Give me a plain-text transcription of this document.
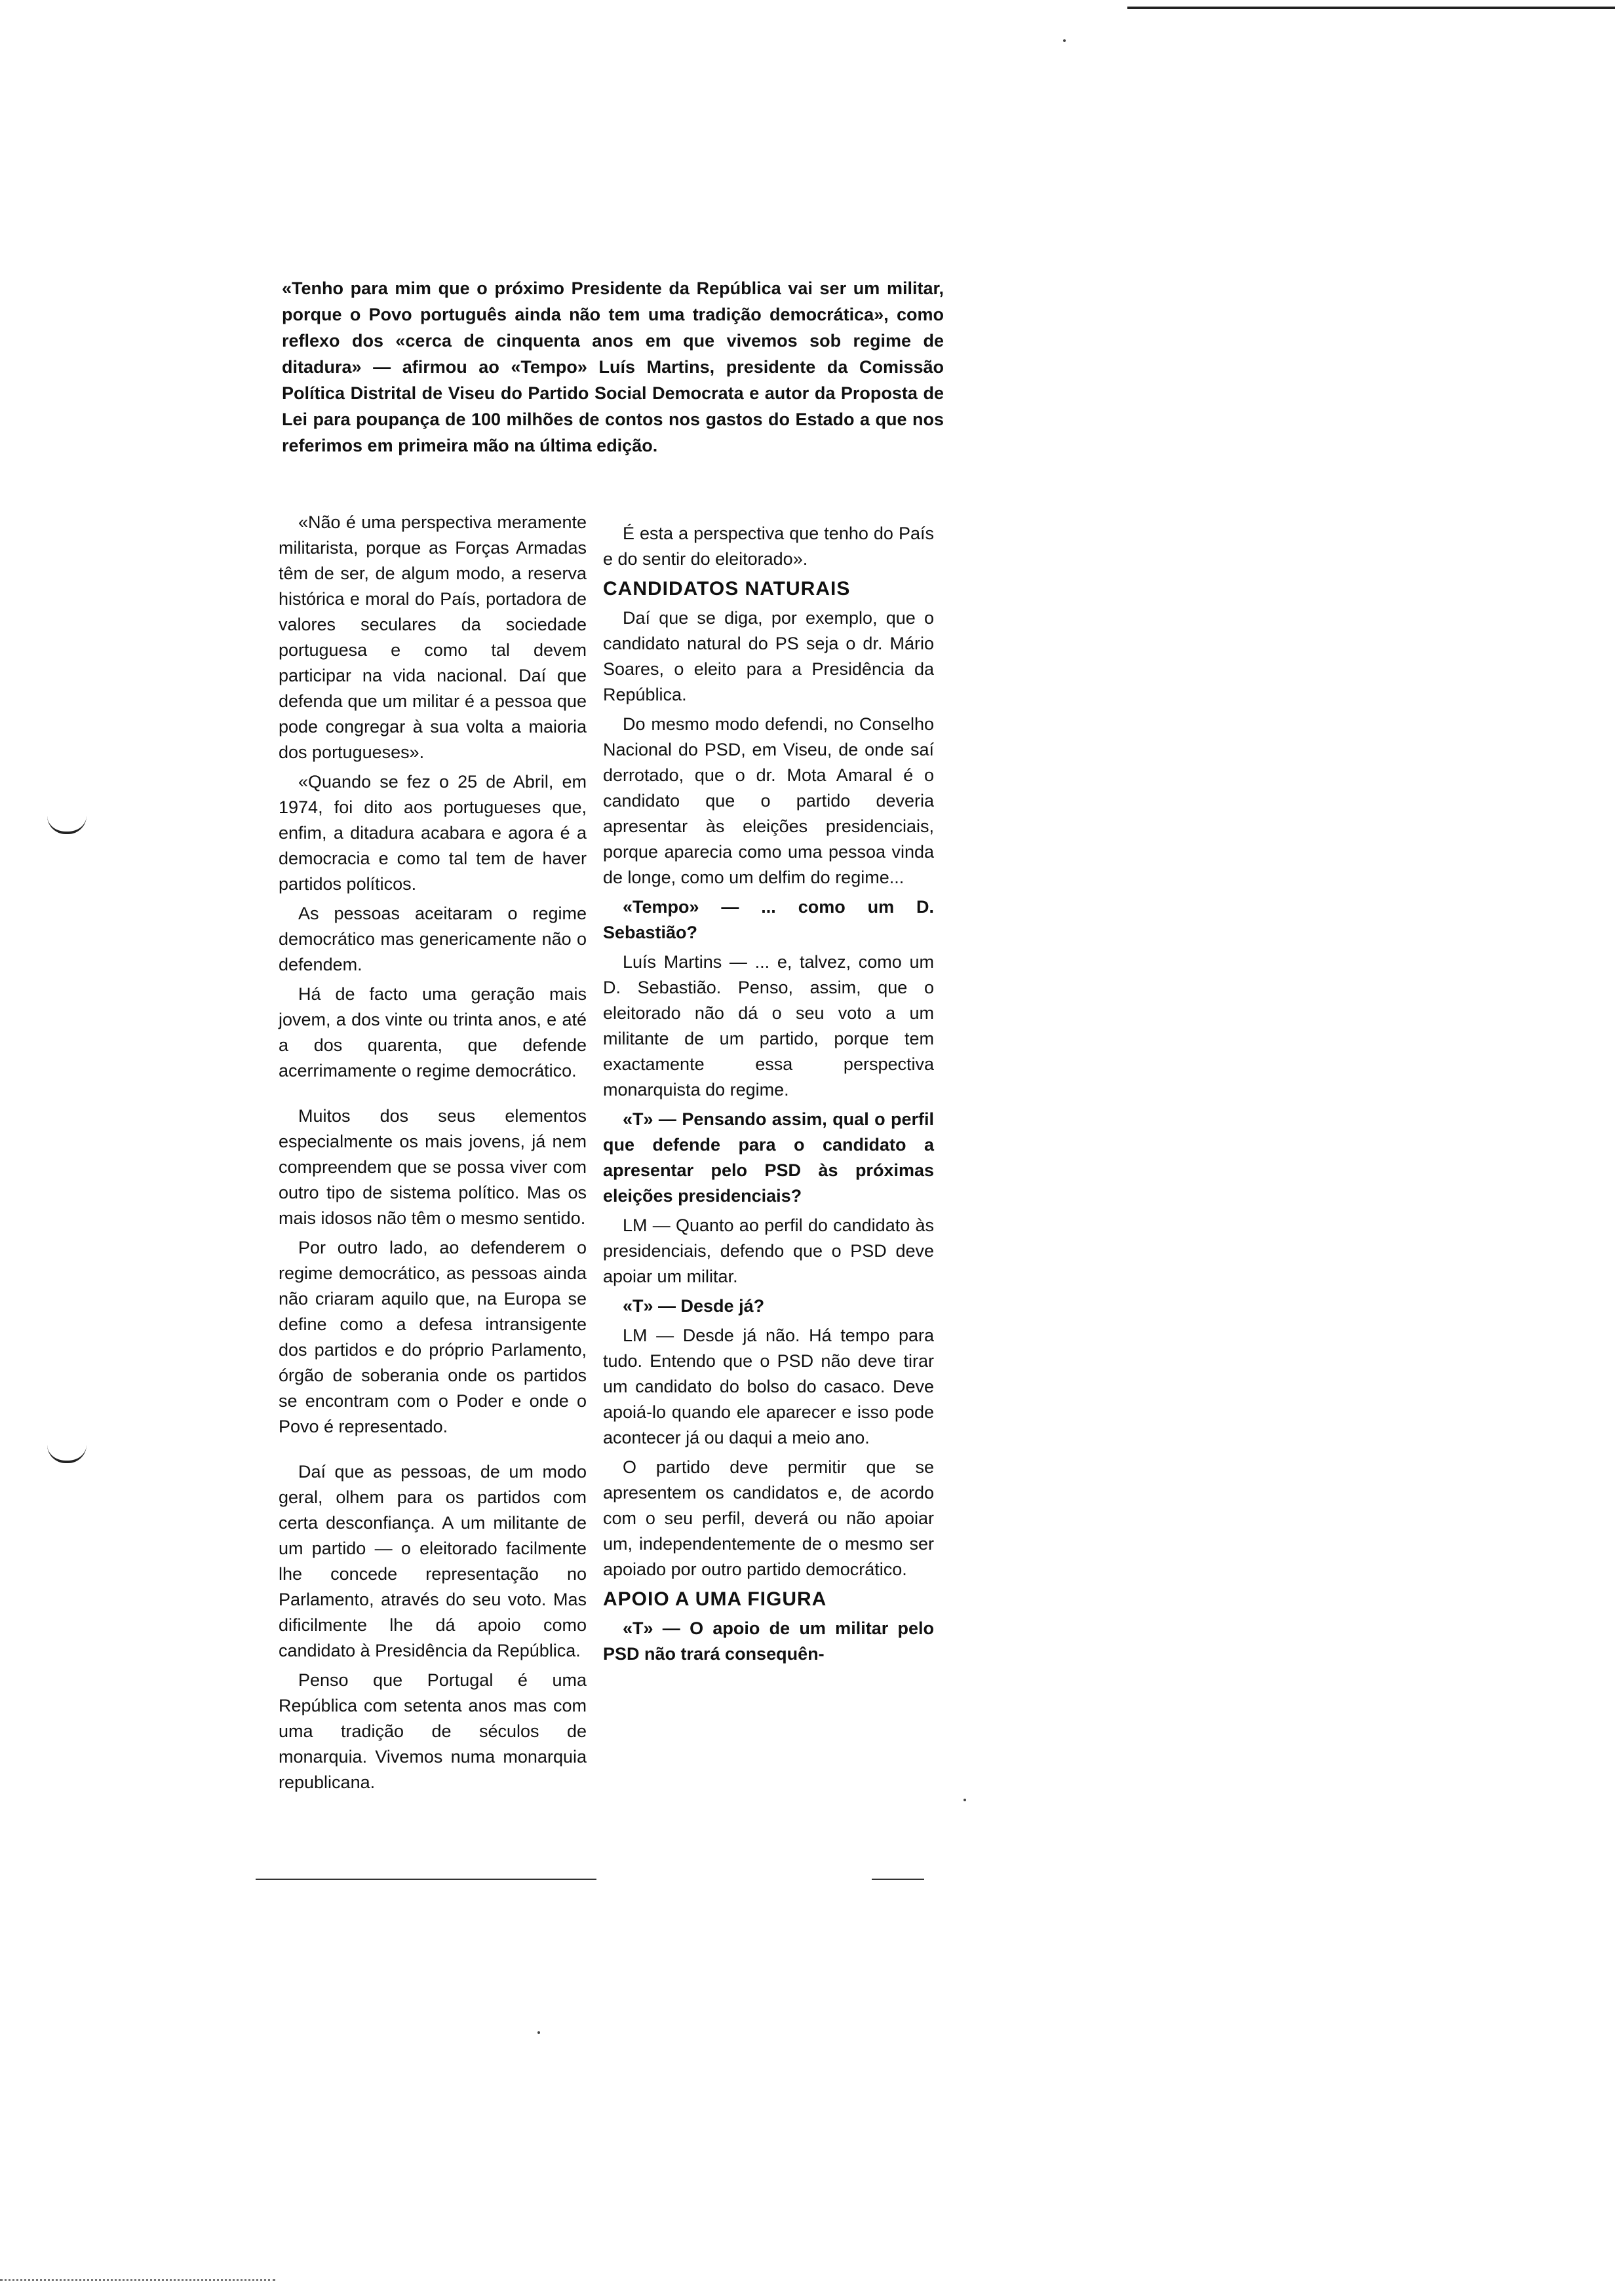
«Tenho para mim que o próximo Presidente da República vai ser um militar, porque o Povo português ainda não tem uma tradição democrática», como reflexo dos «cerca de cinquenta anos em que vivemos sob regime de ditadura» — afirmou ao «Tempo» Luís Martins, presidente da Comissão Política Distrital de Viseu do Partido Social Democrata e autor da Proposta de Lei para poupança de 100 milhões de contos nos gastos do Estado a que nos referimos em primeira mão na última edição.

«Não é uma perspectiva meramente militarista, porque as Forças Armadas têm de ser, de algum modo, a reserva histórica e moral do País, portadora de valores seculares da sociedade portuguesa e como tal devem participar na vida nacional. Daí que defenda que um militar é a pessoa que pode congregar à sua volta a maioria dos portugueses».

«Quando se fez o 25 de Abril, em 1974, foi dito aos portugueses que, enfim, a ditadura acabara e agora é a democracia e como tal tem de haver partidos políticos.

As pessoas aceitaram o regime democrático mas genericamente não o defendem.

Há de facto uma geração mais jovem, a dos vinte ou trinta anos, e até a dos quarenta, que defende acerrimamente o regime democrático.

Muitos dos seus elementos especialmente os mais jovens, já nem compreendem que se possa viver com outro tipo de sistema político. Mas os mais idosos não têm o mesmo sentido.

Por outro lado, ao defenderem o regime democrático, as pessoas ainda não criaram aquilo que, na Europa se define como a defesa intransigente dos partidos e do próprio Parlamento, órgão de soberania onde os partidos se encontram com o Poder e onde o Povo é representado.

Daí que as pessoas, de um modo geral, olhem para os partidos com certa desconfiança. A um militante de um partido — o eleitorado facilmente lhe concede representação no Parlamento, através do seu voto. Mas dificilmente lhe dá apoio como candidato à Presidência da República.

Penso que Portugal é uma República com setenta anos mas com uma tradição de séculos de monarquia. Vivemos numa monarquia republicana.

É esta a perspectiva que tenho do País e do sentir do eleitorado».

CANDIDATOS NATURAIS

Daí que se diga, por exemplo, que o candidato natural do PS seja o dr. Mário Soares, o eleito para a Presidência da República.

Do mesmo modo defendi, no Conselho Nacional do PSD, em Viseu, de onde saí derrotado, que o dr. Mota Amaral é o candidato que o partido deveria apresentar às eleições presidenciais, porque aparecia como uma pessoa vinda de longe, como um delfim do regime...

«Tempo» — ... como um D. Sebastião?

Luís Martins — ... e, talvez, como um D. Sebastião. Penso, assim, que o eleitorado não dá o seu voto a um militante de um partido, porque tem exactamente essa perspectiva monarquista do regime.

«T» — Pensando assim, qual o perfil que defende para o candidato a apresentar pelo PSD às próximas eleições presidenciais?

LM — Quanto ao perfil do candidato às presidenciais, defendo que o PSD deve apoiar um militar.

«T» — Desde já?

LM — Desde já não. Há tempo para tudo. Entendo que o PSD não deve tirar um candidato do bolso do casaco. Deve apoiá-lo quando ele aparecer e isso pode acontecer já ou daqui a meio ano.

O partido deve permitir que se apresentem os candidatos e, de acordo com o seu perfil, deverá ou não apoiar um, independentemente de o mesmo ser apoiado por outro partido democrático.

APOIO A UMA FIGURA

«T» — O apoio de um militar pelo PSD não trará consequên-
